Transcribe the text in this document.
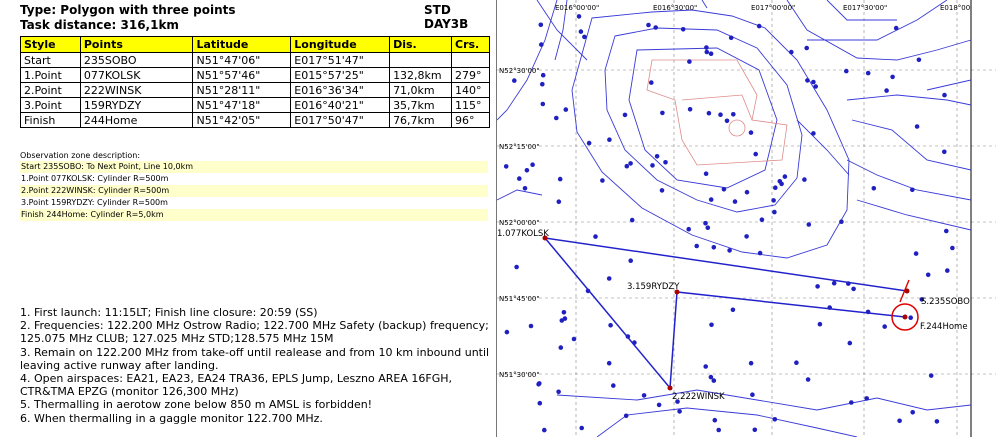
Type: Polygon with three points
Task distance: 316,1km
STD DAY3B
Style	Points	Latitude	Longitude	Dis.	Crs.
Start	235SOBO	N51°47'06"	E017°51'47"		
1.Point	077KOLSK	N51°57'46"	E015°57'25"	132,8km	279°
2.Point	222WINSK	N51°28'11"	E016°36'34"	71,0km	140°
3.Point	159RYDZY	N51°47'18"	E016°40'21"	35,7km	115°
Finish	244Home	N51°42'05"	E017°50'47"	76,7km	96°
Observation zone description:
Start 235SOBO: To Next Point, Line 10,0km
1.Point 077KOLSK: Cylinder R=500m
2.Point 222WINSK: Cylinder R=500m
3.Point 159RYDZY: Cylinder R=500m
Finish 244Home: Cylinder R=5,0km
1. First launch: 11:15LT; Finish line closure: 20:59 (SS)
2. Frequencies: 122.200 MHz Ostrow Radio; 122.700 MHz Safety (backup) frequency; 125.075 MHz CLUB; 127.025 MHz STD;128.575 MHz 15M
3. Remain on 122.200 MHz from take-off until realease and from 10 km inbound until leaving active runway after landing.
4. Open airspaces: EA21, EA23, EA24 TRA36, EPLS Jump, Leszno AREA 16FGH, CTR&TMA EPZG (monitor 126,300 MHz)
5. Thermalling in aerotow zone below 850 m AMSL is forbidden!
6. When thermalling in a gaggle monitor 122.700 MHz.
E016°00'00"	E016°30'00"	E017°00'00"	E017°30'00"	E018°00'
N52°30'00"
N52°15'00"
N52°00'00"
N51°45'00"
N51°30'00"
1.077KOLSK
3.159RYDZY
2.222WINSK
S.235SOBO
F.244Home
